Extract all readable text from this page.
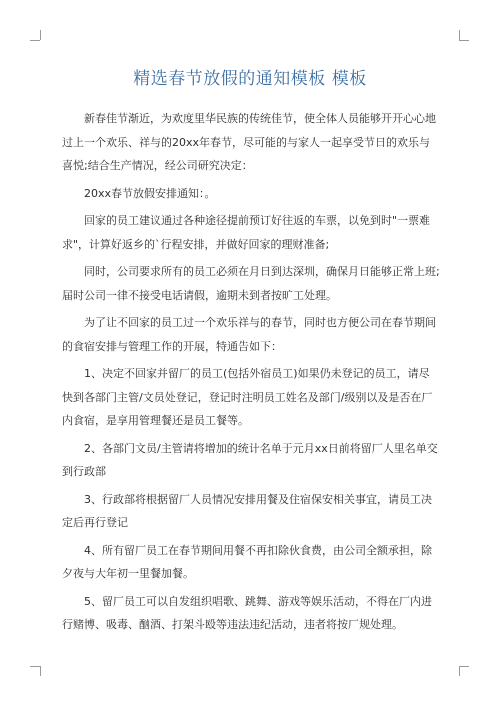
精选春节放假的通知模板 模板

新春佳节渐近，为欢度里华民族的传统佳节，使全体人员能够开开心心地过上一个欢乐、祥与的20xx年春节，尽可能的与家人一起享受节日的欢乐与喜悦;结合生产情况，经公司研究决定：

20xx春节放假安排通知：。

回家的员工建议通过各种途径提前预订好往返的车票，以免到时"一票难求"，计算好返乡的`行程安排，并做好回家的理财准备;

同时，公司要求所有的员工必须在月日到达深圳，确保月日能够正常上班;届时公司一律不接受电话请假，逾期未到者按旷工处理。

为了让不回家的员工过一个欢乐祥与的春节，同时也方便公司在春节期间的食宿安排与管理工作的开展，特通告如下：

1、决定不回家并留厂的员工(包括外宿员工)如果仍未登记的员工，请尽快到各部门主管/文员处登记，登记时注明员工姓名及部门/级别以及是否在厂内食宿，是享用管理餐还是员工餐等。

2、各部门文员/主管请将增加的统计名单于元月xx日前将留厂人里名单交到行政部

3、行政部将根据留厂人员情况安排用餐及住宿保安相关事宜，请员工决定后再行登记

4、所有留厂员工在春节期间用餐不再扣除伙食费，由公司全额承担，除夕夜与大年初一里餐加餐。

5、留厂员工可以自发组织唱歌、跳舞、游戏等娱乐活动，不得在厂内进行赌博、吸毒、酗酒、打架斗殴等违法违纪活动，违者将按厂规处理。
